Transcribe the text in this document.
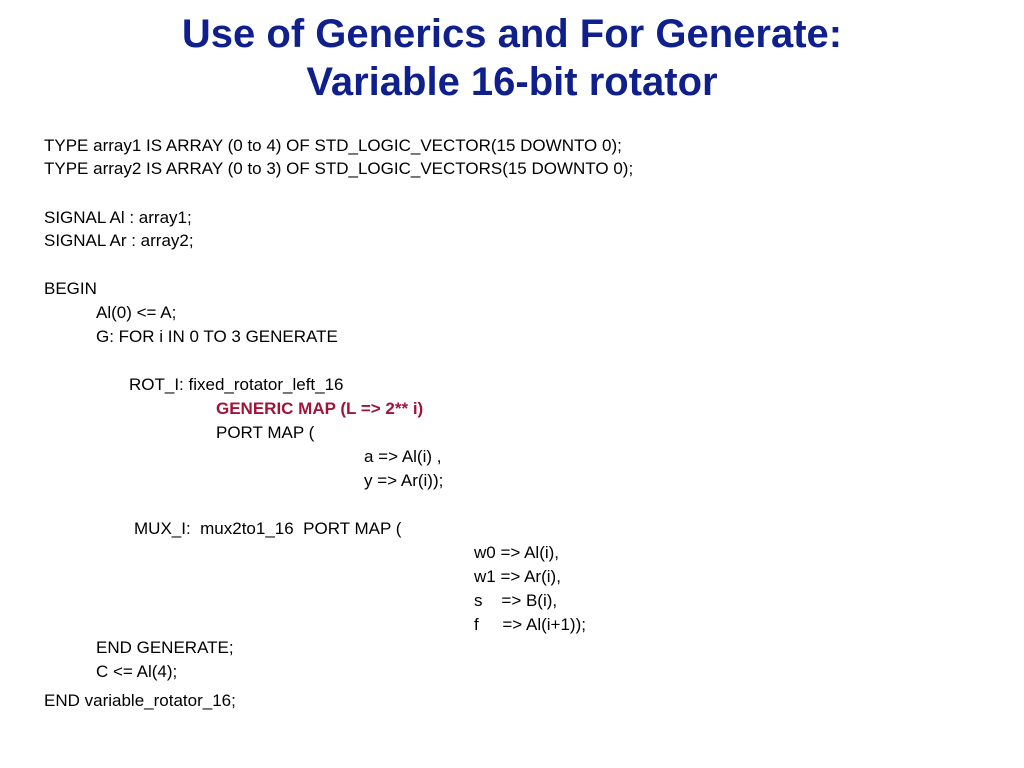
Use of Generics and For Generate:
Variable 16-bit rotator
TYPE array1 IS ARRAY (0 to 4) OF STD_LOGIC_VECTOR(15 DOWNTO 0);
TYPE array2 IS ARRAY (0 to 3) OF STD_LOGIC_VECTORS(15 DOWNTO 0);
SIGNAL Al : array1;
SIGNAL Ar : array2;
BEGIN
Al(0) <= A;
G: FOR i IN 0 TO 3 GENERATE
ROT_I: fixed_rotator_left_16
GENERIC MAP (L => 2** i)
PORT MAP (
a => Al(i) ,
y => Ar(i));
MUX_I:  mux2to1_16  PORT MAP (
w0 => Al(i),
w1 => Ar(i),
s    => B(i),
f     => Al(i+1));
END GENERATE;
C <= Al(4);
END variable_rotator_16;
